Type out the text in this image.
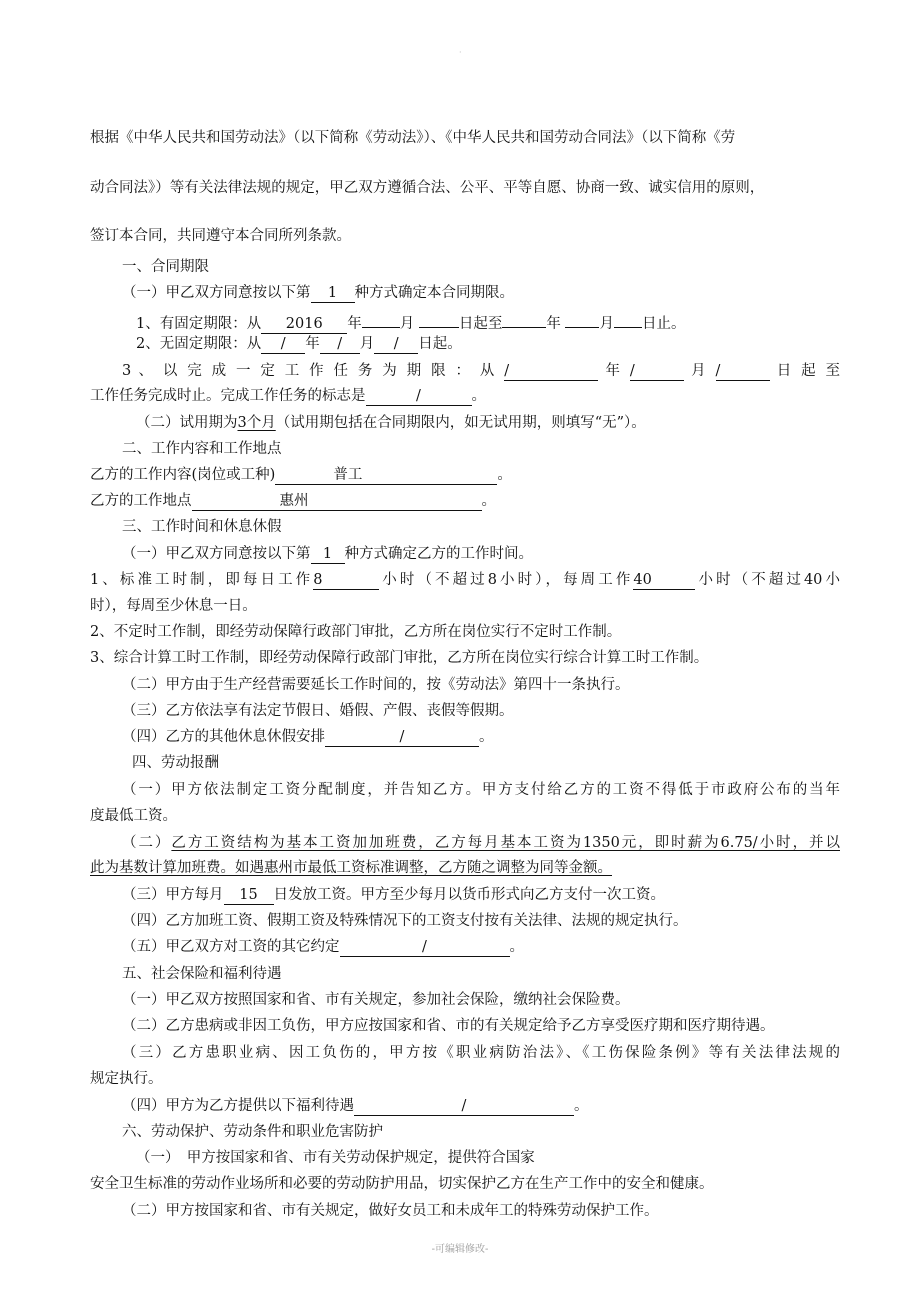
·
根据《中华人民共和国劳动法》（以下简称《劳动法》）、《中华人民共和国劳动合同法》（以下简称《劳
动合同法》）等有关法律法规的规定，甲乙双方遵循合法、公平、平等自愿、协商一致、诚实信用的原则，
签订本合同，共同遵守本合同所列条款。
一、合同期限
（一）甲乙双方同意按以下第 1 种方式确定本合同期限。
1、有固定期限：从 2016 年	月	日起至	年	月 日止。
2、无固定期限：从 / 年 / 月 / 日起。
3 、 以 完 成 一 定 工 作 任 务 为 期 限 ： 从 /	年 /	月 /	日 起 至
工作任务完成时止。完成工作任务的标志是	/	。
（二）试用期为3个月（试用期包括在合同期限内，如无试用期，则填写“无”）。
二、工作内容和工作地点
乙方的工作内容(岗位或工种)	普工	。
乙方的工作地点	惠州	。
三、工作时间和休息休假
（一）甲乙双方同意按以下第 1 种方式确定乙方的工作时间。
1、标准工时制，即每日工作8	小时（不超过8小时），每周工作40	小时（不超过40小
时），每周至少休息一日。
2、不定时工作制，即经劳动保障行政部门审批，乙方所在岗位实行不定时工作制。
3、综合计算工时工作制，即经劳动保障行政部门审批，乙方所在岗位实行综合计算工时工作制。
（二）甲方由于生产经营需要延长工作时间的，按《劳动法》第四十一条执行。
（三）乙方依法享有法定节假日、婚假、产假、丧假等假期。
（四）乙方的其他休息休假安排	/	。
四、劳动报酬
（一）甲方依法制定工资分配制度，并告知乙方。甲方支付给乙方的工资不得低于市政府公布的当年
度最低工资。
（二）乙方工资结构为基本工资加加班费，乙方每月基本工资为1350元，即时薪为6.75/小时，并以
此为基数计算加班费。如遇惠州市最低工资标准调整，乙方随之调整为同等金额。
（三）甲方每月 15 日发放工资。甲方至少每月以货币形式向乙方支付一次工资。
（四）乙方加班工资、假期工资及特殊情况下的工资支付按有关法律、法规的规定执行。
（五）甲乙双方对工资的其它约定	/	。
五、社会保险和福利待遇
（一）甲乙双方按照国家和省、市有关规定，参加社会保险，缴纳社会保险费。
（二）乙方患病或非因工负伤，甲方应按国家和省、市的有关规定给予乙方享受医疗期和医疗期待遇。
（三）乙方患职业病、因工负伤的，甲方按《职业病防治法》、《工伤保险条例》等有关法律法规的
规定执行。
（四）甲方为乙方提供以下福利待遇	/	。
六、劳动保护、劳动条件和职业危害防护
（一）　甲方按国家和省、市有关劳动保护规定，提供符合国家
安全卫生标准的劳动作业场所和必要的劳动防护用品，切实保护乙方在生产工作中的安全和健康。
（二）甲方按国家和省、市有关规定，做好女员工和未成年工的特殊劳动保护工作。
-可编辑修改-
